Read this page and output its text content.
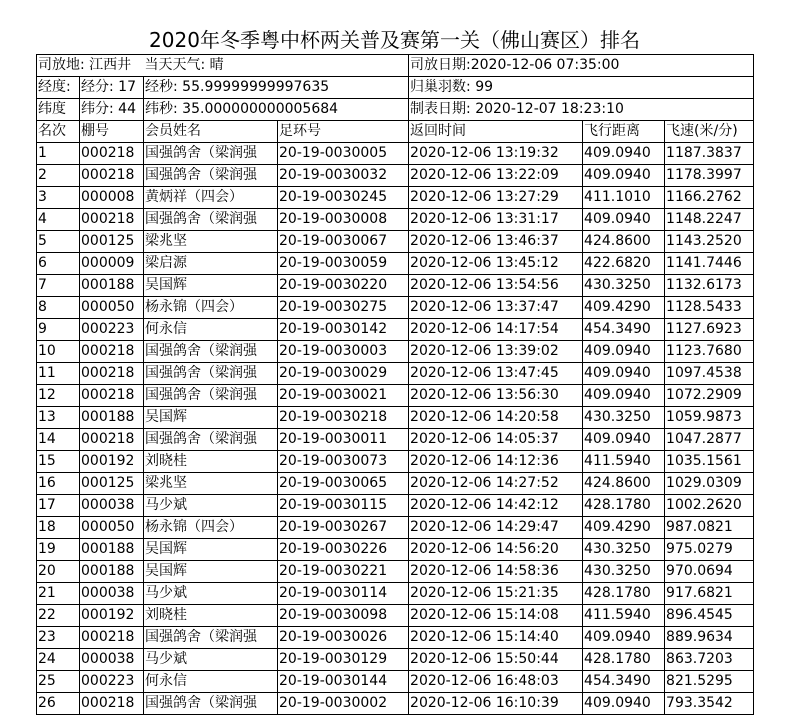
2020年冬季粤中杯两关普及赛第一关（佛山赛区）排名
司放地: 江西井		当天天气: 晴		司放日期:2020-12-06 07:35:00		
经度:	经分: 17	经秒: 55.99999999997635		归巢羽数: 99		
纬度	纬分: 44	纬秒: 35.000000000005684		制表日期: 2020-12-07 18:23:10		
名次	棚号	会员姓名	足环号	返回时间	飞行距离	飞速(米/分)
1	000218	国强鸽舍（梁润强	20-19-0030005	2020-12-06 13:19:32	409.0940	1187.3837
2	000218	国强鸽舍（梁润强	20-19-0030032	2020-12-06 13:22:09	409.0940	1178.3997
3	000008	黄炳祥（四会）	20-19-0030245	2020-12-06 13:27:29	411.1010	1166.2762
4	000218	国强鸽舍（梁润强	20-19-0030008	2020-12-06 13:31:17	409.0940	1148.2247
5	000125	梁兆坚	20-19-0030067	2020-12-06 13:46:37	424.8600	1143.2520
6	000009	梁启源	20-19-0030059	2020-12-06 13:45:12	422.6820	1141.7446
7	000188	吴国辉	20-19-0030220	2020-12-06 13:54:56	430.3250	1132.6173
8	000050	杨永锦（四会）	20-19-0030275	2020-12-06 13:37:47	409.4290	1128.5433
9	000223	何永信	20-19-0030142	2020-12-06 14:17:54	454.3490	1127.6923
10	000218	国强鸽舍（梁润强	20-19-0030003	2020-12-06 13:39:02	409.0940	1123.7680
11	000218	国强鸽舍（梁润强	20-19-0030029	2020-12-06 13:47:45	409.0940	1097.4538
12	000218	国强鸽舍（梁润强	20-19-0030021	2020-12-06 13:56:30	409.0940	1072.2909
13	000188	吴国辉	20-19-0030218	2020-12-06 14:20:58	430.3250	1059.9873
14	000218	国强鸽舍（梁润强	20-19-0030011	2020-12-06 14:05:37	409.0940	1047.2877
15	000192	刘晓桂	20-19-0030073	2020-12-06 14:12:36	411.5940	1035.1561
16	000125	梁兆坚	20-19-0030065	2020-12-06 14:27:52	424.8600	1029.0309
17	000038	马少斌	20-19-0030115	2020-12-06 14:42:12	428.1780	1002.2620
18	000050	杨永锦（四会）	20-19-0030267	2020-12-06 14:29:47	409.4290	987.0821
19	000188	吴国辉	20-19-0030226	2020-12-06 14:56:20	430.3250	975.0279
20	000188	吴国辉	20-19-0030221	2020-12-06 14:58:36	430.3250	970.0694
21	000038	马少斌	20-19-0030114	2020-12-06 15:21:35	428.1780	917.6821
22	000192	刘晓桂	20-19-0030098	2020-12-06 15:14:08	411.5940	896.4545
23	000218	国强鸽舍（梁润强	20-19-0030026	2020-12-06 15:14:40	409.0940	889.9634
24	000038	马少斌	20-19-0030129	2020-12-06 15:50:44	428.1780	863.7203
25	000223	何永信	20-19-0030144	2020-12-06 16:48:03	454.3490	821.5295
26	000218	国强鸽舍（梁润强	20-19-0030002	2020-12-06 16:10:39	409.0940	793.3542
